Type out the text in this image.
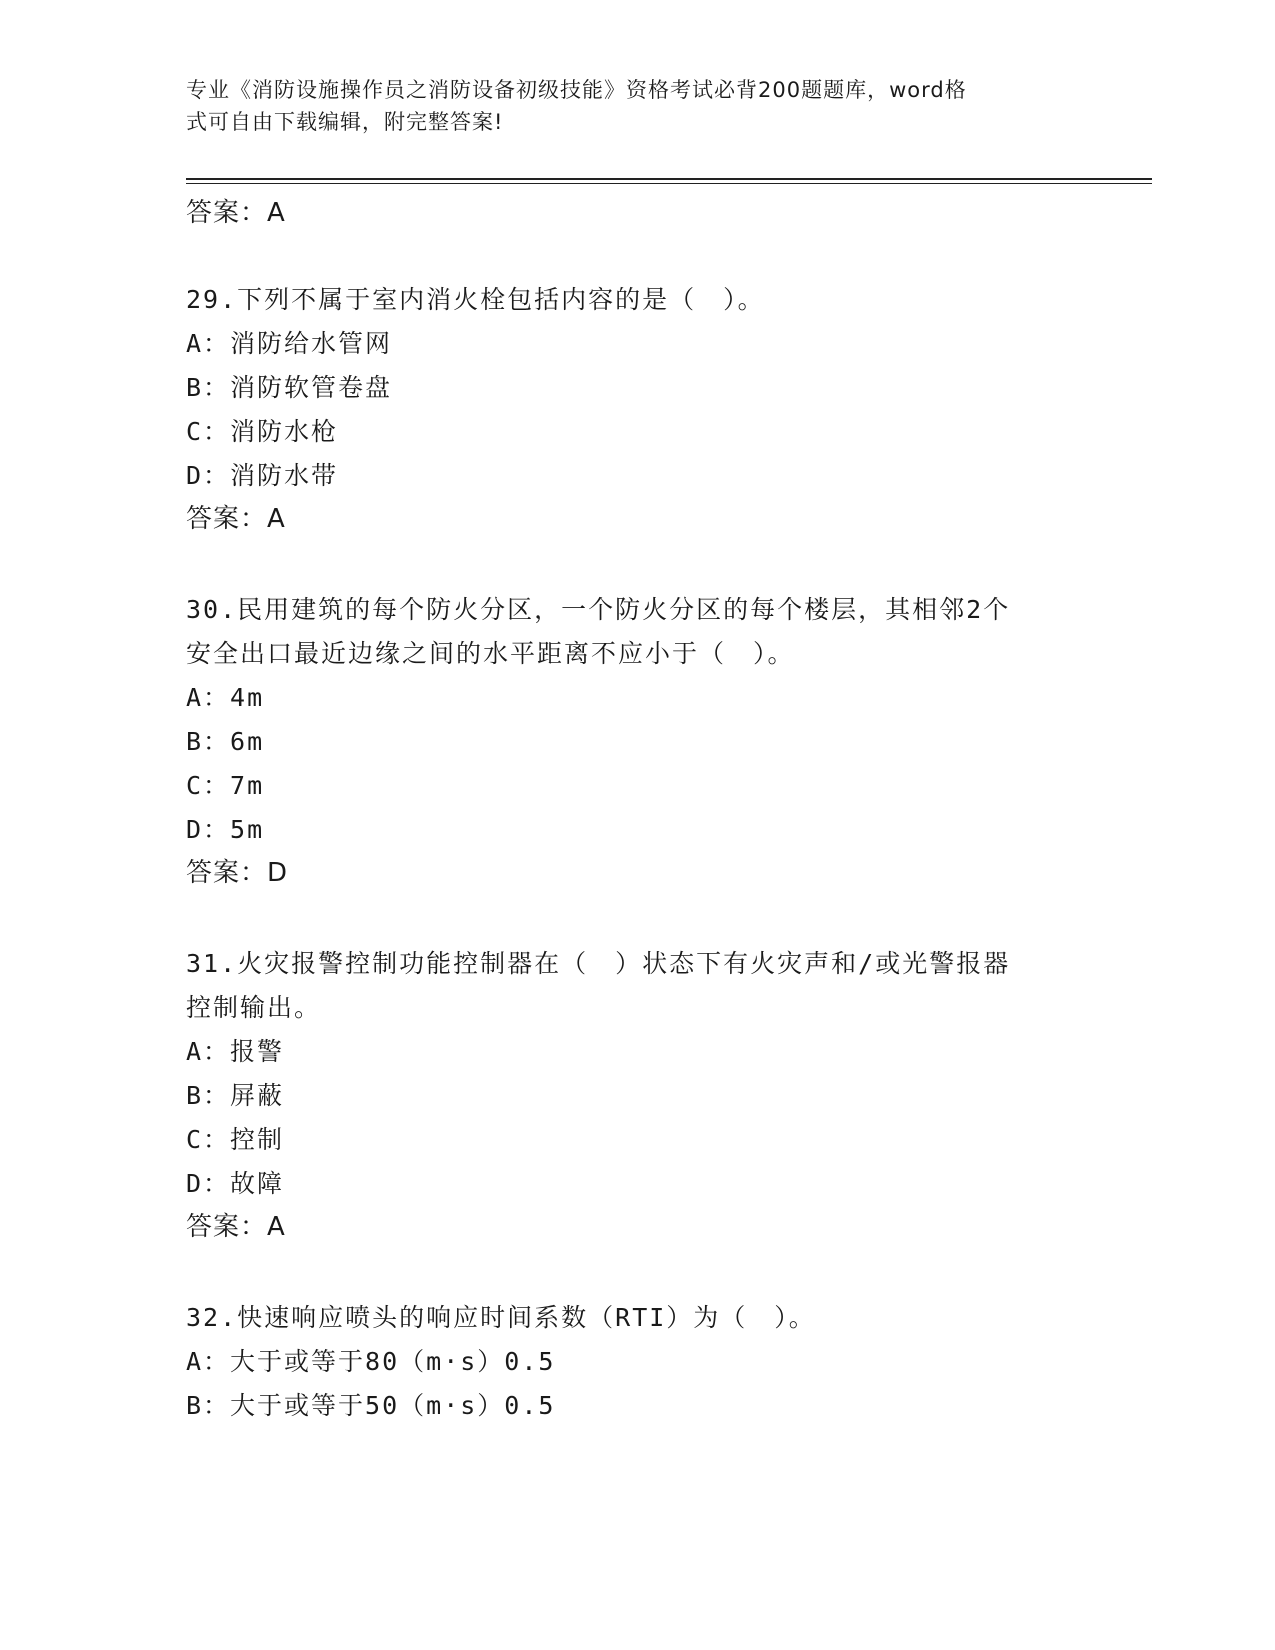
专业《消防设施操作员之消防设备初级技能》资格考试必背200题题库，word格
式可自由下载编辑，附完整答案!
答案：A
29.下列不属于室内消火栓包括内容的是（　）。
A：消防给水管网
B：消防软管卷盘
C：消防水枪
D：消防水带
答案：A
30.民用建筑的每个防火分区，一个防火分区的每个楼层，其相邻2个
安全出口最近边缘之间的水平距离不应小于（　）。
A：4m
B：6m
C：7m
D：5m
答案：D
31.火灾报警控制功能控制器在（　）状态下有火灾声和/或光警报器
控制输出。
A：报警
B：屏蔽
C：控制
D：故障
答案：A
32.快速响应喷头的响应时间系数（RTI）为（　）。
A：大于或等于80（m·s）0.5
B：大于或等于50（m·s）0.5
